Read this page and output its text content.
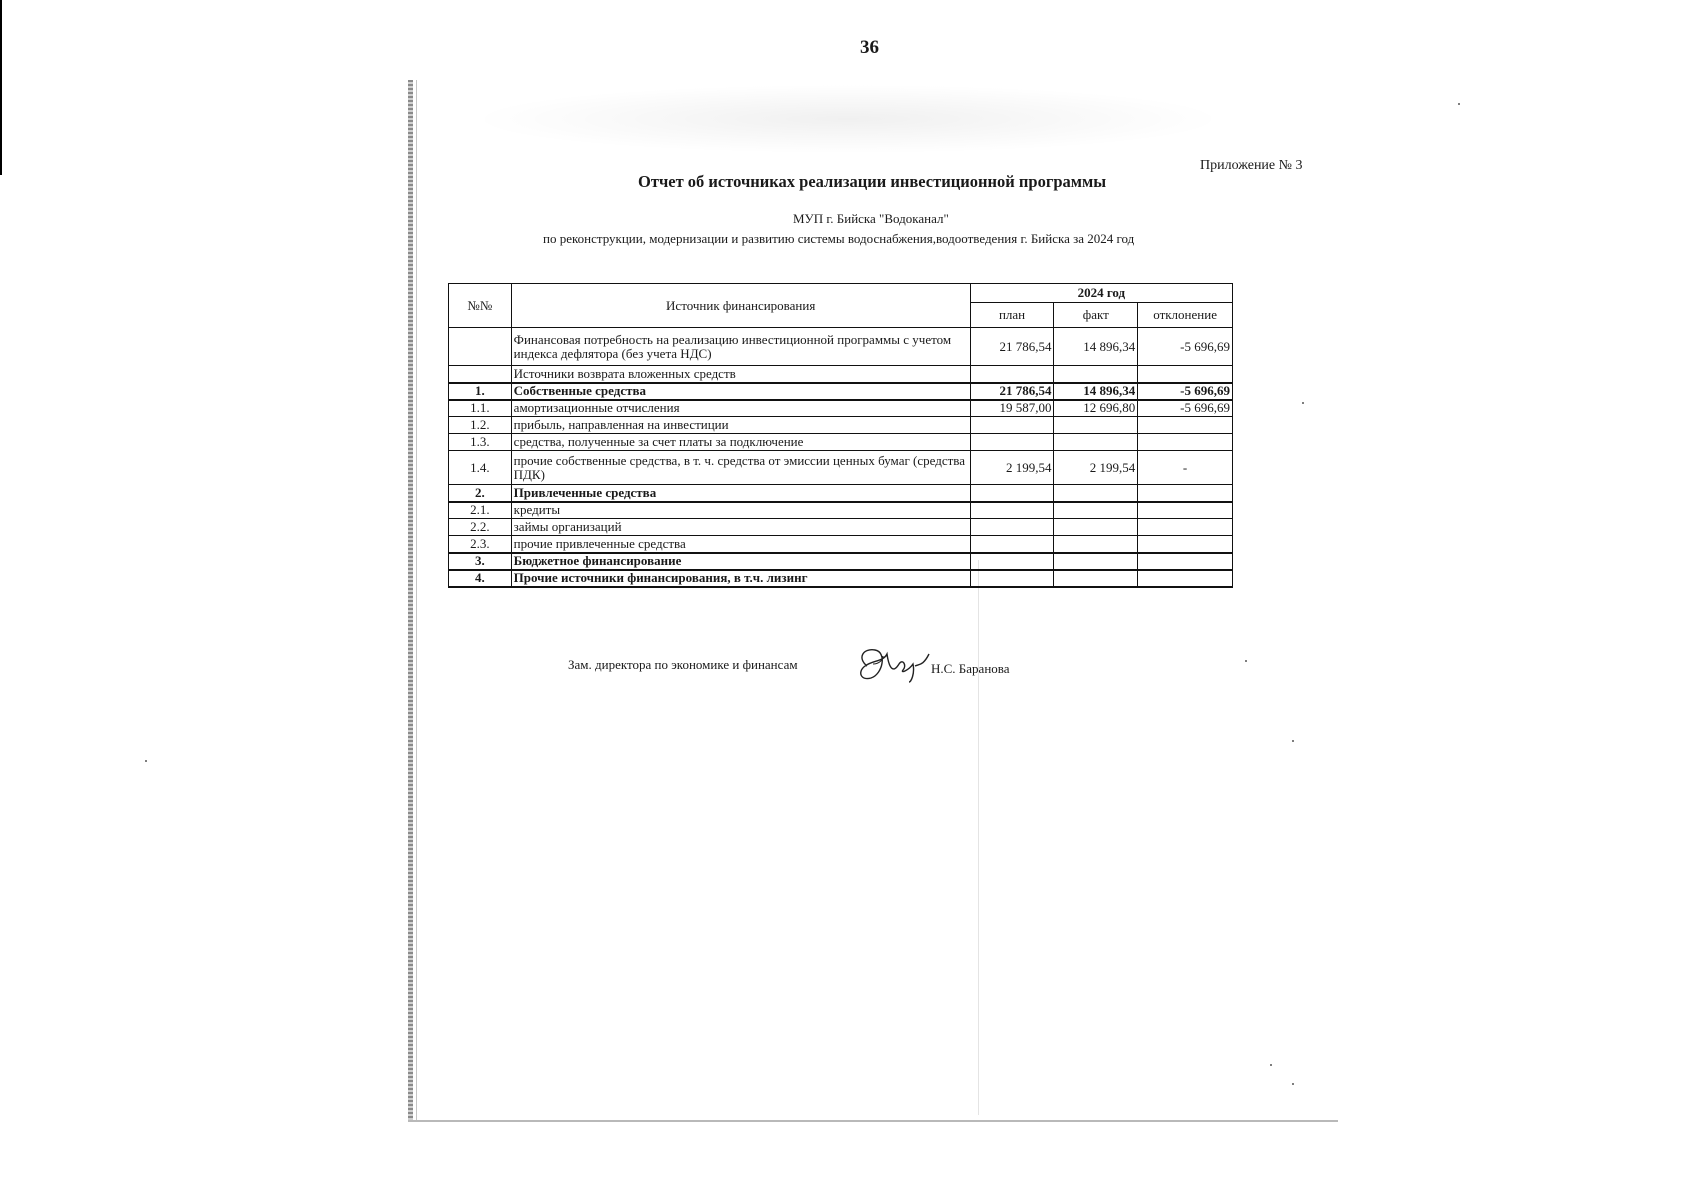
36
Приложение № 3
Отчет об источниках реализации инвестиционной программы
МУП г. Бийска "Водоканал"
по реконструкции, модернизации и развитию системы водоснабжения,водоотведения г. Бийска за 2024 год
№№	Источник финансирования	2024 год		
		план	факт	отклонение
	Финансовая потребность на реализацию инвестиционной программы с учетом индекса дефлятора (без учета НДС)	21 786,54	14 896,34	-5 696,69
	Источники возврата вложенных средств			
1.	Собственные средства	21 786,54	14 896,34	-5 696,69
1.1.	амортизационные отчисления	19 587,00	12 696,80	-5 696,69
1.2.	прибыль, направленная на инвестиции			
1.3.	средства, полученные за счет платы за подключение			
1.4.	прочие собственные средства, в т. ч. средства от эмиссии ценных бумаг (средства ПДК)	2 199,54	2 199,54	-
2.	Привлеченные средства			
2.1.	кредиты			
2.2.	займы организаций			
2.3.	прочие привлеченные средства			
3.	Бюджетное финансирование			
4.	Прочие источники финансирования, в т.ч. лизинг			
Зам. директора по экономике и финансам	Н.С. Баранова
